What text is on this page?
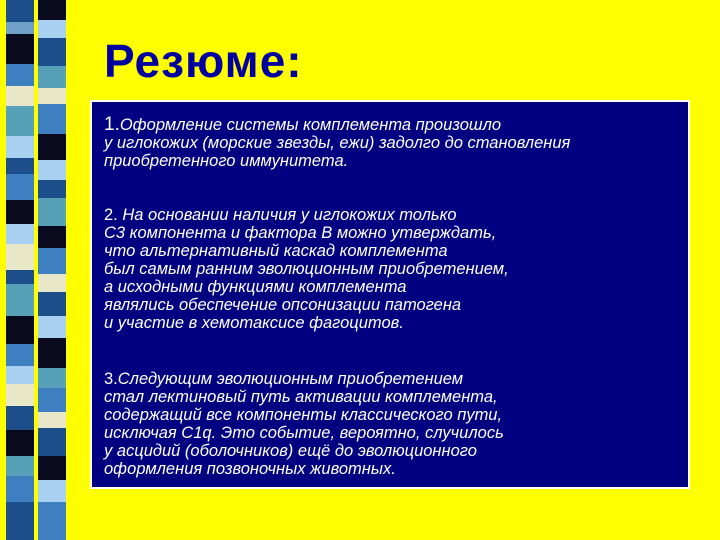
Резюме:

1.Оформление системы комплемента произошло
у иглокожих (морские звезды, ежи) задолго до становления
приобретенного иммунитета.

2. На основании наличия у иглокожих только
С3 компонента и фактора В можно утверждать,
что альтернативный каскад комплемента
был самым ранним эволюционным приобретением,
а исходными функциями комплемента
являлись обеспечение опсонизации патогена
и участие в хемотаксисе фагоцитов.

3.Следующим эволюционным приобретением
стал лектиновый путь активации комплемента,
содержащий все компоненты классического пути,
исключая С1q. Это событие, вероятно, случилось
у асцидий (оболочников) ещё до эволюционного
оформления позвоночных животных.
